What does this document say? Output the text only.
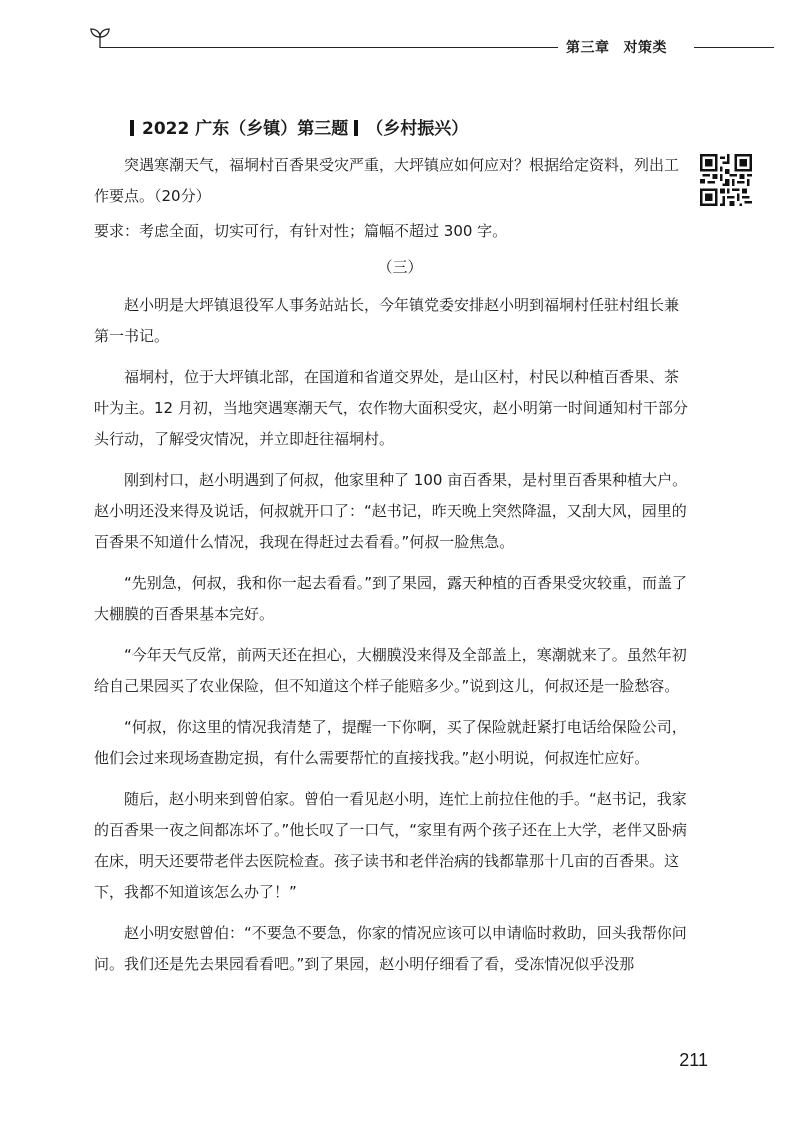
第三章 对策类
2022 广东（乡镇）第三题 （乡村振兴）

突遇寒潮天气，福垌村百香果受灾严重，大坪镇应如何应对？根据给定资料，列出工作要点。（20分）

要求：考虑全面，切实可行，有针对性；篇幅不超过 300 字。

（三）

赵小明是大坪镇退役军人事务站站长，今年镇党委安排赵小明到福垌村任驻村组长兼第一书记。

福垌村，位于大坪镇北部，在国道和省道交界处，是山区村，村民以种植百香果、茶叶为主。12 月初，当地突遇寒潮天气，农作物大面积受灾，赵小明第一时间通知村干部分头行动，了解受灾情况，并立即赶往福垌村。

刚到村口，赵小明遇到了何叔，他家里种了 100 亩百香果，是村里百香果种植大户。赵小明还没来得及说话，何叔就开口了：“赵书记，昨天晚上突然降温，又刮大风，园里的百香果不知道什么情况，我现在得赶过去看看。”何叔一脸焦急。

“先别急，何叔，我和你一起去看看。”到了果园，露天种植的百香果受灾较重，而盖了大棚膜的百香果基本完好。

“今年天气反常，前两天还在担心，大棚膜没来得及全部盖上，寒潮就来了。虽然年初给自己果园买了农业保险，但不知道这个样子能赔多少。”说到这儿，何叔还是一脸愁容。

“何叔，你这里的情况我清楚了，提醒一下你啊，买了保险就赶紧打电话给保险公司，他们会过来现场查勘定损，有什么需要帮忙的直接找我。”赵小明说，何叔连忙应好。

随后，赵小明来到曾伯家。曾伯一看见赵小明，连忙上前拉住他的手。“赵书记，我家的百香果一夜之间都冻坏了。”他长叹了一口气，“家里有两个孩子还在上大学，老伴又卧病在床，明天还要带老伴去医院检查。孩子读书和老伴治病的钱都靠那十几亩的百香果。这下，我都不知道该怎么办了！”

赵小明安慰曾伯：“不要急不要急，你家的情况应该可以申请临时救助，回头我帮你问问。我们还是先去果园看看吧。”到了果园，赵小明仔细看了看，受冻情况似乎没那

211
